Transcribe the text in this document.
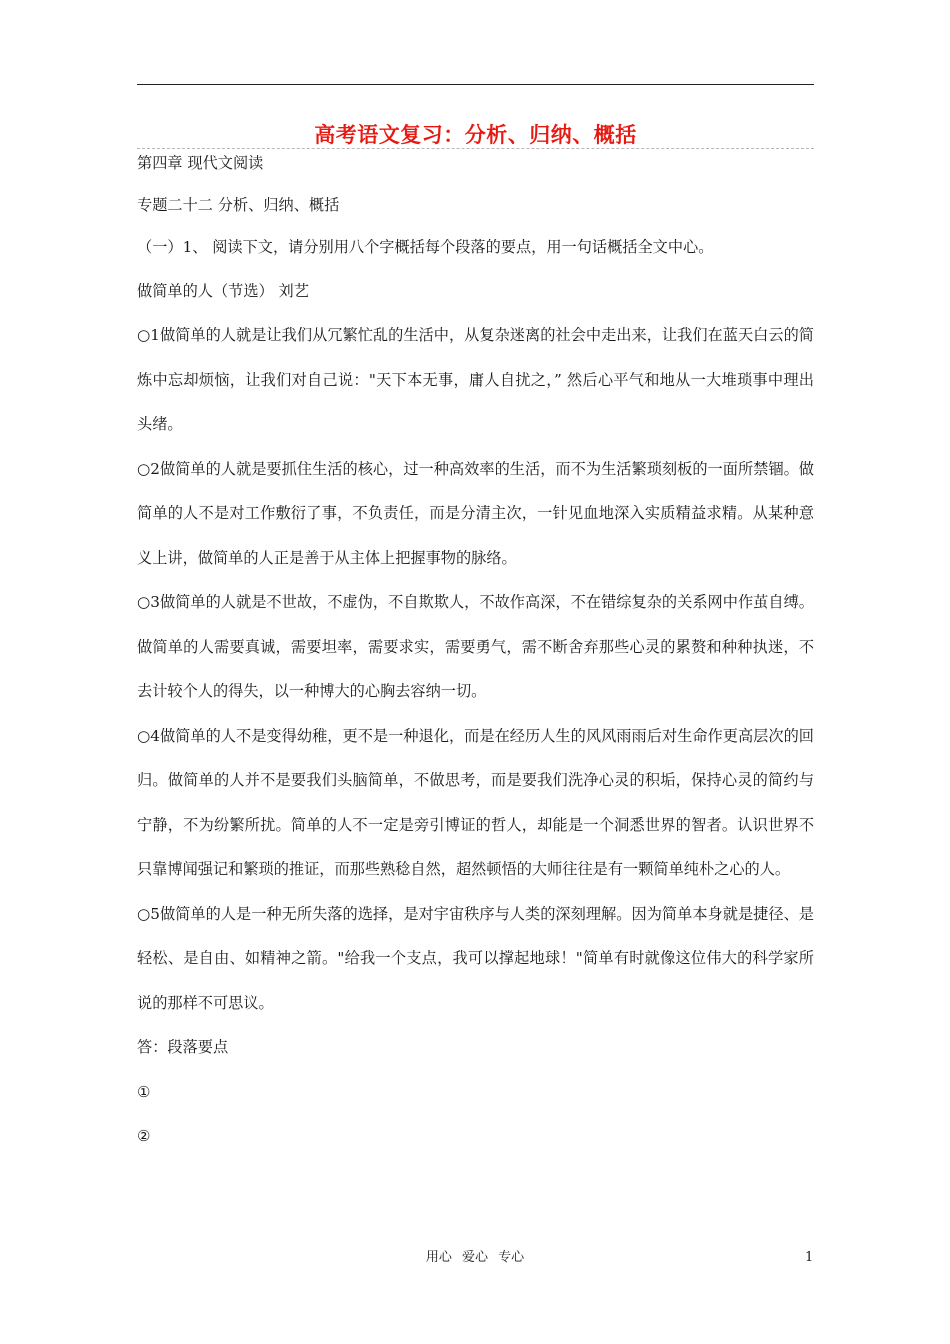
高考语文复习：分析、归纳、概括

第四章 现代文阅读

专题二十二 分析、归纳、概括

（一）1、 阅读下文，请分别用八个字概括每个段落的要点，用一句话概括全文中心。

做简单的人（节选） 刘艺

○1做简单的人就是让我们从冗繁忙乱的生活中，从复杂迷离的社会中走出来，让我们在蓝天白云的简炼中忘却烦恼，让我们对自己说："天下本无事，庸人自扰之，” 然后心平气和地从一大堆琐事中理出头绪。

○2做简单的人就是要抓住生活的核心，过一种高效率的生活，而不为生活繁琐刻板的一面所禁锢。做简单的人不是对工作敷衍了事，不负责任，而是分清主次，一针见血地深入实质精益求精。从某种意义上讲，做简单的人正是善于从主体上把握事物的脉络。

○3做简单的人就是不世故，不虚伪，不自欺欺人，不故作高深，不在错综复杂的关系网中作茧自缚。做简单的人需要真诚，需要坦率，需要求实，需要勇气，需不断舍弃那些心灵的累赘和种种执迷，不去计较个人的得失，以一种博大的心胸去容纳一切。

○4做简单的人不是变得幼稚，更不是一种退化，而是在经历人生的风风雨雨后对生命作更高层次的回归。做简单的人并不是要我们头脑简单，不做思考，而是要我们洗净心灵的积垢，保持心灵的简约与宁静，不为纷繁所扰。简单的人不一定是旁引博证的哲人，却能是一个洞悉世界的智者。认识世界不只靠博闻强记和繁琐的推证，而那些熟稔自然，超然顿悟的大师往往是有一颗简单纯朴之心的人。

○5做简单的人是一种无所失落的选择，是对宇宙秩序与人类的深刻理解。因为简单本身就是捷径、是轻松、是自由、如精神之箭。"给我一个支点，我可以撑起地球！"简单有时就像这位伟大的科学家所说的那样不可思议。

答：段落要点

①

②

用心 爱心 专心	1
